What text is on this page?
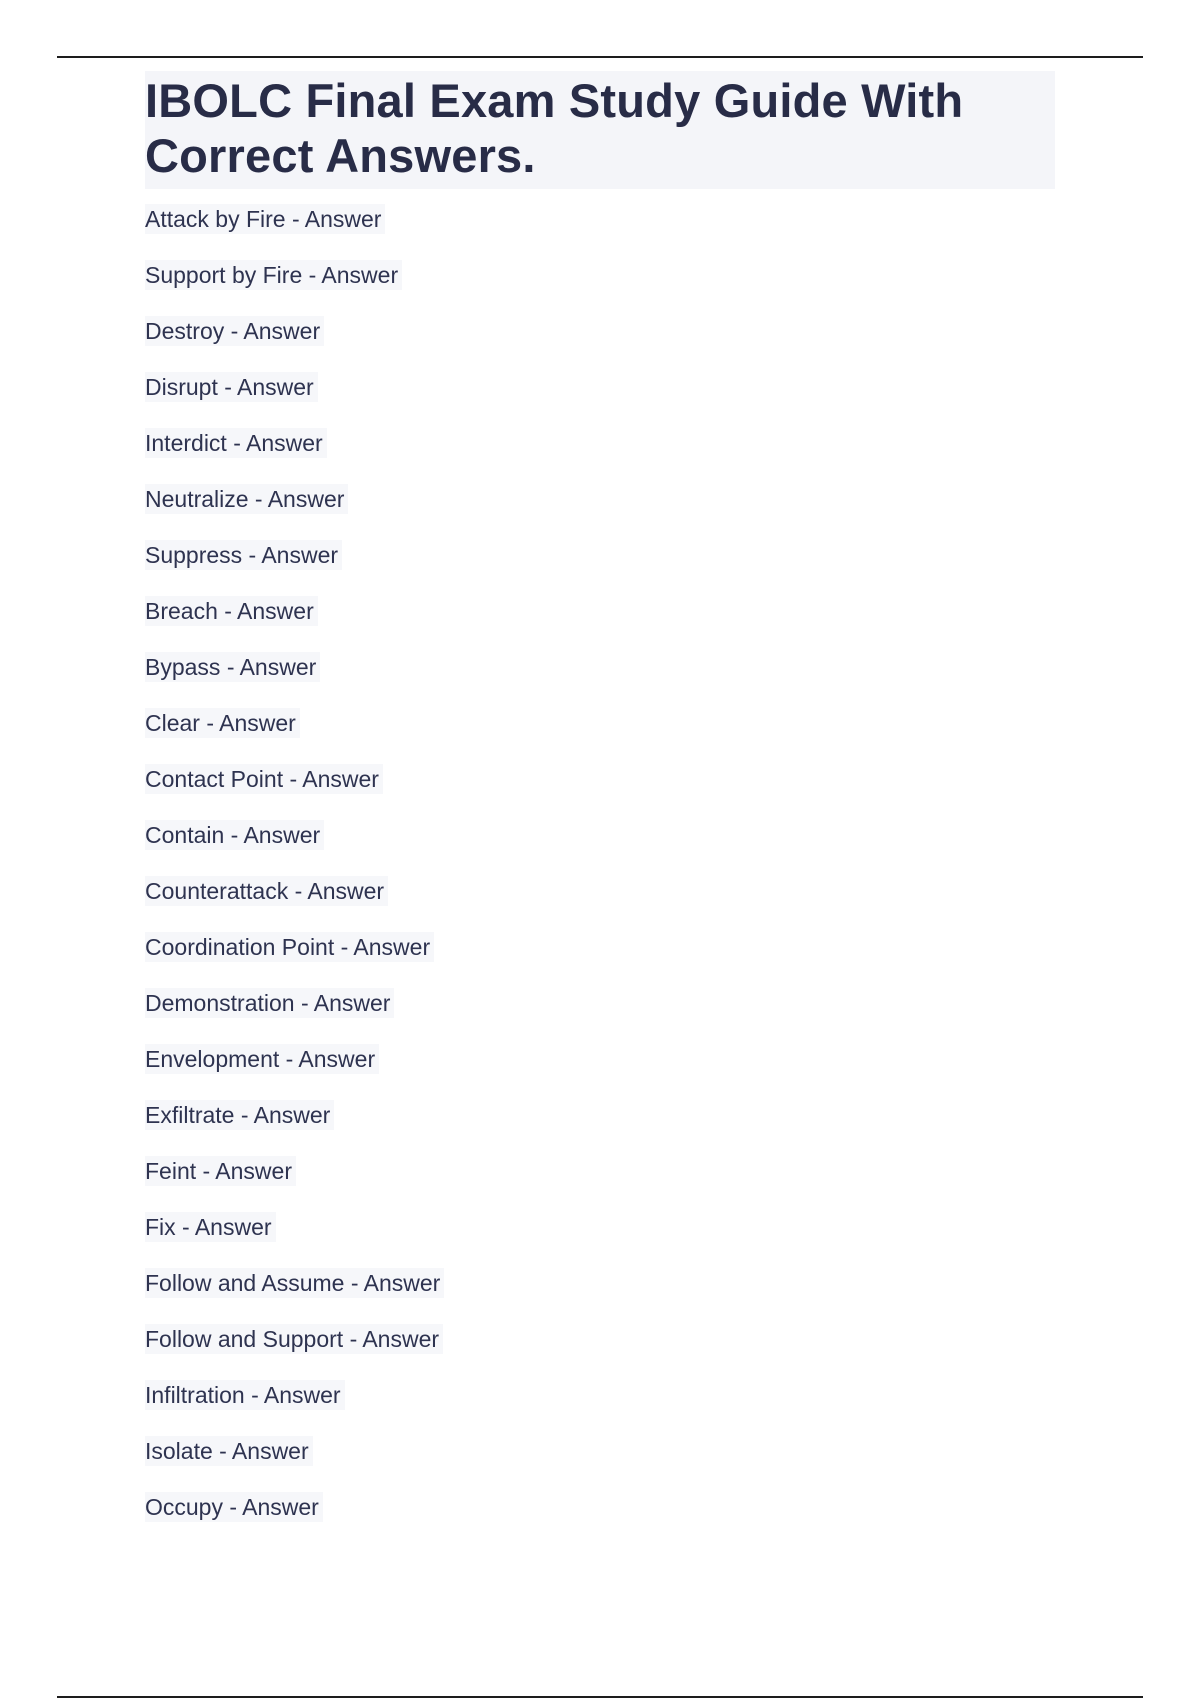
IBOLC Final Exam Study Guide With Correct Answers.
Attack by Fire - Answer
Support by Fire - Answer
Destroy - Answer
Disrupt - Answer
Interdict - Answer
Neutralize - Answer
Suppress - Answer
Breach - Answer
Bypass - Answer
Clear - Answer
Contact Point - Answer
Contain - Answer
Counterattack - Answer
Coordination Point - Answer
Demonstration - Answer
Envelopment - Answer
Exfiltrate - Answer
Feint - Answer
Fix - Answer
Follow and Assume - Answer
Follow and Support - Answer
Infiltration - Answer
Isolate - Answer
Occupy - Answer
